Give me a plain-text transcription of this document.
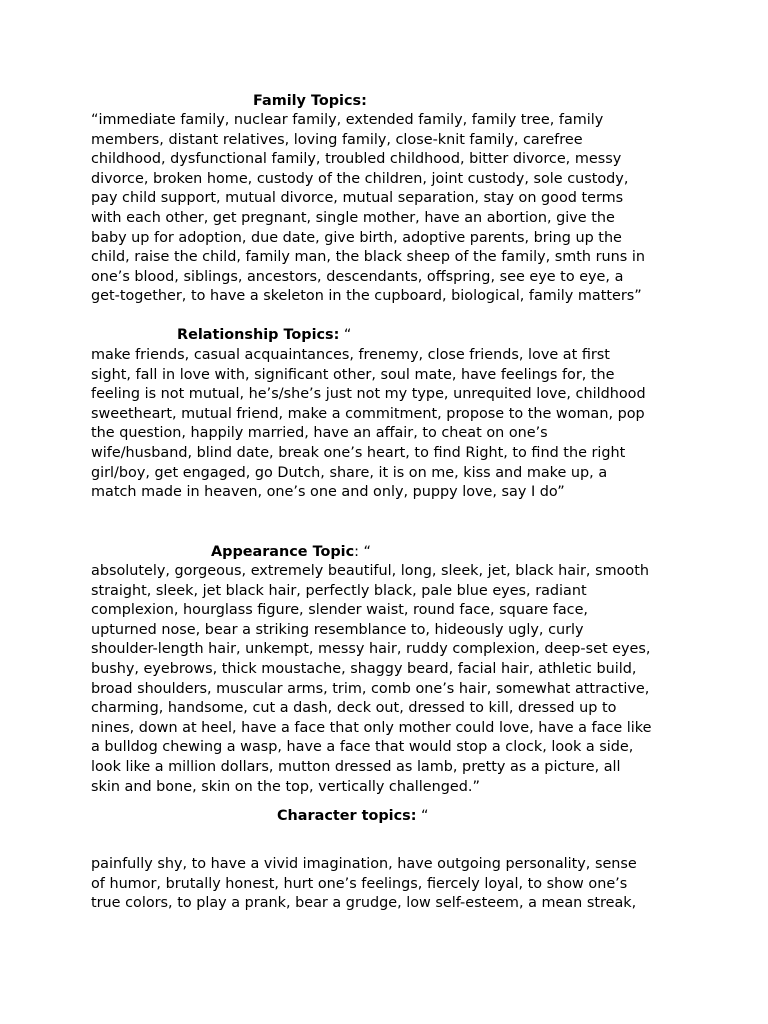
Family Topics:
“immediate family, nuclear family, extended family, family tree, family
members, distant relatives, loving family, close-knit family, carefree
childhood, dysfunctional family, troubled childhood, bitter divorce, messy
divorce, broken home, custody of the children, joint custody, sole custody,
pay child support, mutual divorce, mutual separation, stay on good terms
with each other, get pregnant, single mother, have an abortion, give the
baby up for adoption, due date, give birth, adoptive parents, bring up the
child, raise the child, family man, the black sheep of the family, smth runs in
one’s blood, siblings, ancestors, descendants, offspring, see eye to eye, a
get-together, to have a skeleton in the cupboard, biological, family matters”
Relationship Topics: “
make friends, casual acquaintances, frenemy, close friends, love at first
sight, fall in love with, significant other, soul mate, have feelings for, the
feeling is not mutual, he’s/she’s just not my type, unrequited love, childhood
sweetheart, mutual friend, make a commitment, propose to the woman, pop
the question, happily married, have an affair, to cheat on one’s
wife/husband, blind date, break one’s heart, to find Right, to find the right
girl/boy, get engaged, go Dutch, share, it is on me, kiss and make up, a
match made in heaven, one’s one and only, puppy love, say I do”
Appearance Topic: “
absolutely, gorgeous, extremely beautiful, long, sleek, jet, black hair, smooth
straight, sleek, jet black hair, perfectly black, pale blue eyes, radiant
complexion, hourglass figure, slender waist, round face, square face,
upturned nose, bear a striking resemblance to, hideously ugly, curly
shoulder-length hair, unkempt, messy hair, ruddy complexion, deep-set eyes,
bushy, eyebrows, thick moustache, shaggy beard, facial hair, athletic build,
broad shoulders, muscular arms, trim, comb one’s hair, somewhat attractive,
charming, handsome, cut a dash, deck out, dressed to kill, dressed up to
nines, down at heel, have a face that only mother could love, have a face like
a bulldog chewing a wasp, have a face that would stop a clock, look a side,
look like a million dollars, mutton dressed as lamb, pretty as a picture, all
skin and bone, skin on the top, vertically challenged.”
Character topics: “
painfully shy, to have a vivid imagination, have outgoing personality, sense
of humor, brutally honest, hurt one’s feelings, fiercely loyal, to show one’s
true colors, to play a prank, bear a grudge, low self-esteem, a mean streak,
